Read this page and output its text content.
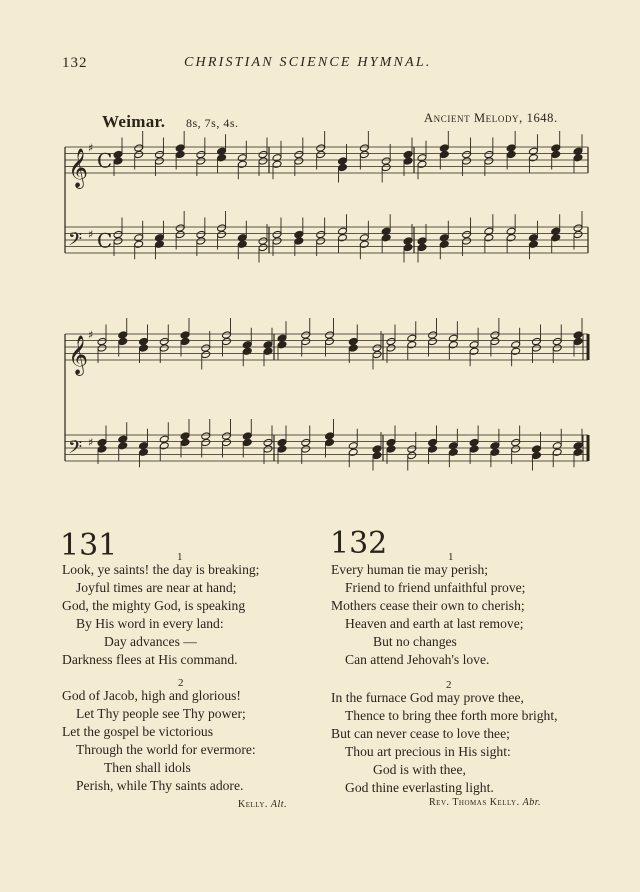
132	CHRISTIAN SCIENCE HYMNAL.
Weimar. 8s, 7s, 4s.	Ancient Melody, 1648.
𝄞 ♯
C
𝄢 ♯ C
𝄞 ♯
𝄢 ♯
131	1
Look, ye saints! the day is breaking;
Joyful times are near at hand;
God, the mighty God, is speaking
By His word in every land:
Day advances —
Darkness flees at His command.
2
God of Jacob, high and glorious!
Let Thy people see Thy power;
Let the gospel be victorious
Through the world for evermore:
Then shall idols
Perish, while Thy saints adore.
Kelly. Alt.
132	1
Every human tie may perish;
Friend to friend unfaithful prove;
Mothers cease their own to cherish;
Heaven and earth at last remove;
But no changes
Can attend Jehovah's love.
2
In the furnace God may prove thee,
Thence to bring thee forth more bright,
But can never cease to love thee;
Thou art precious in His sight:
God is with thee,
God thine everlasting light.
Rev. Thomas Kelly. Abr.
